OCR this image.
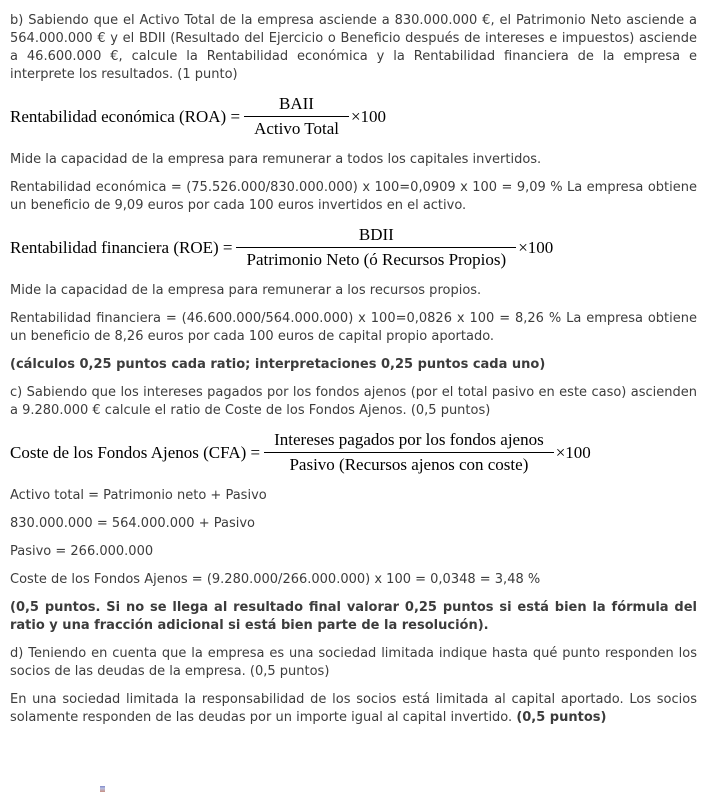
b) Sabiendo que el Activo Total de la empresa asciende a 830.000.000 €, el Patrimonio Neto asciende a 564.000.000 € y el BDII (Resultado del Ejercicio o Beneficio después de intereses e impuestos) asciende a 46.600.000 €, calcule la Rentabilidad económica y la Rentabilidad financiera de la empresa e interprete los resultados. (1 punto)

Rentabilidad económica $(ROA) = \frac{\text{BAII}}{\text{Activo Total}} \times 100$

Mide la capacidad de la empresa para remunerar a todos los capitales invertidos.

Rentabilidad económica = (75.526.000/830.000.000) x 100=0,0909 x 100 = 9,09 % La empresa obtiene un beneficio de 9,09 euros por cada 100 euros invertidos en el activo.

Rentabilidad financiera $(ROE) = \frac{\text{BDII}}{\text{Patrimonio Neto (ó Recursos Propios)}} \times 100$

Mide la capacidad de la empresa para remunerar a los recursos propios.

Rentabilidad financiera = (46.600.000/564.000.000) x 100=0,0826 x 100 = 8,26 % La empresa obtiene un beneficio de 8,26 euros por cada 100 euros de capital propio aportado.

(cálculos 0,25 puntos cada ratio; interpretaciones 0,25 puntos cada uno)

c) Sabiendo que los intereses pagados por los fondos ajenos (por el total pasivo en este caso) ascienden a 9.280.000 € calcule el ratio de Coste de los Fondos Ajenos. (0,5 puntos)

Coste de los Fondos Ajenos $(CFA) = \frac{\text{Intereses pagados por los fondos ajenos}}{\text{Pasivo (Recursos ajenos con coste)}} \times 100$

Activo total = Patrimonio neto + Pasivo

830.000.000 = 564.000.000 + Pasivo

Pasivo = 266.000.000

Coste de los Fondos Ajenos = (9.280.000/266.000.000) x 100 = 0,0348 = 3,48 %

(0,5 puntos. Si no se llega al resultado final valorar 0,25 puntos si está bien la fórmula del ratio y una fracción adicional si está bien parte de la resolución).

d) Teniendo en cuenta que la empresa es una sociedad limitada indique hasta qué punto responden los socios de las deudas de la empresa. (0,5 puntos)

En una sociedad limitada la responsabilidad de los socios está limitada al capital aportado. Los socios solamente responden de las deudas por un importe igual al capital invertido. (0,5 puntos)
